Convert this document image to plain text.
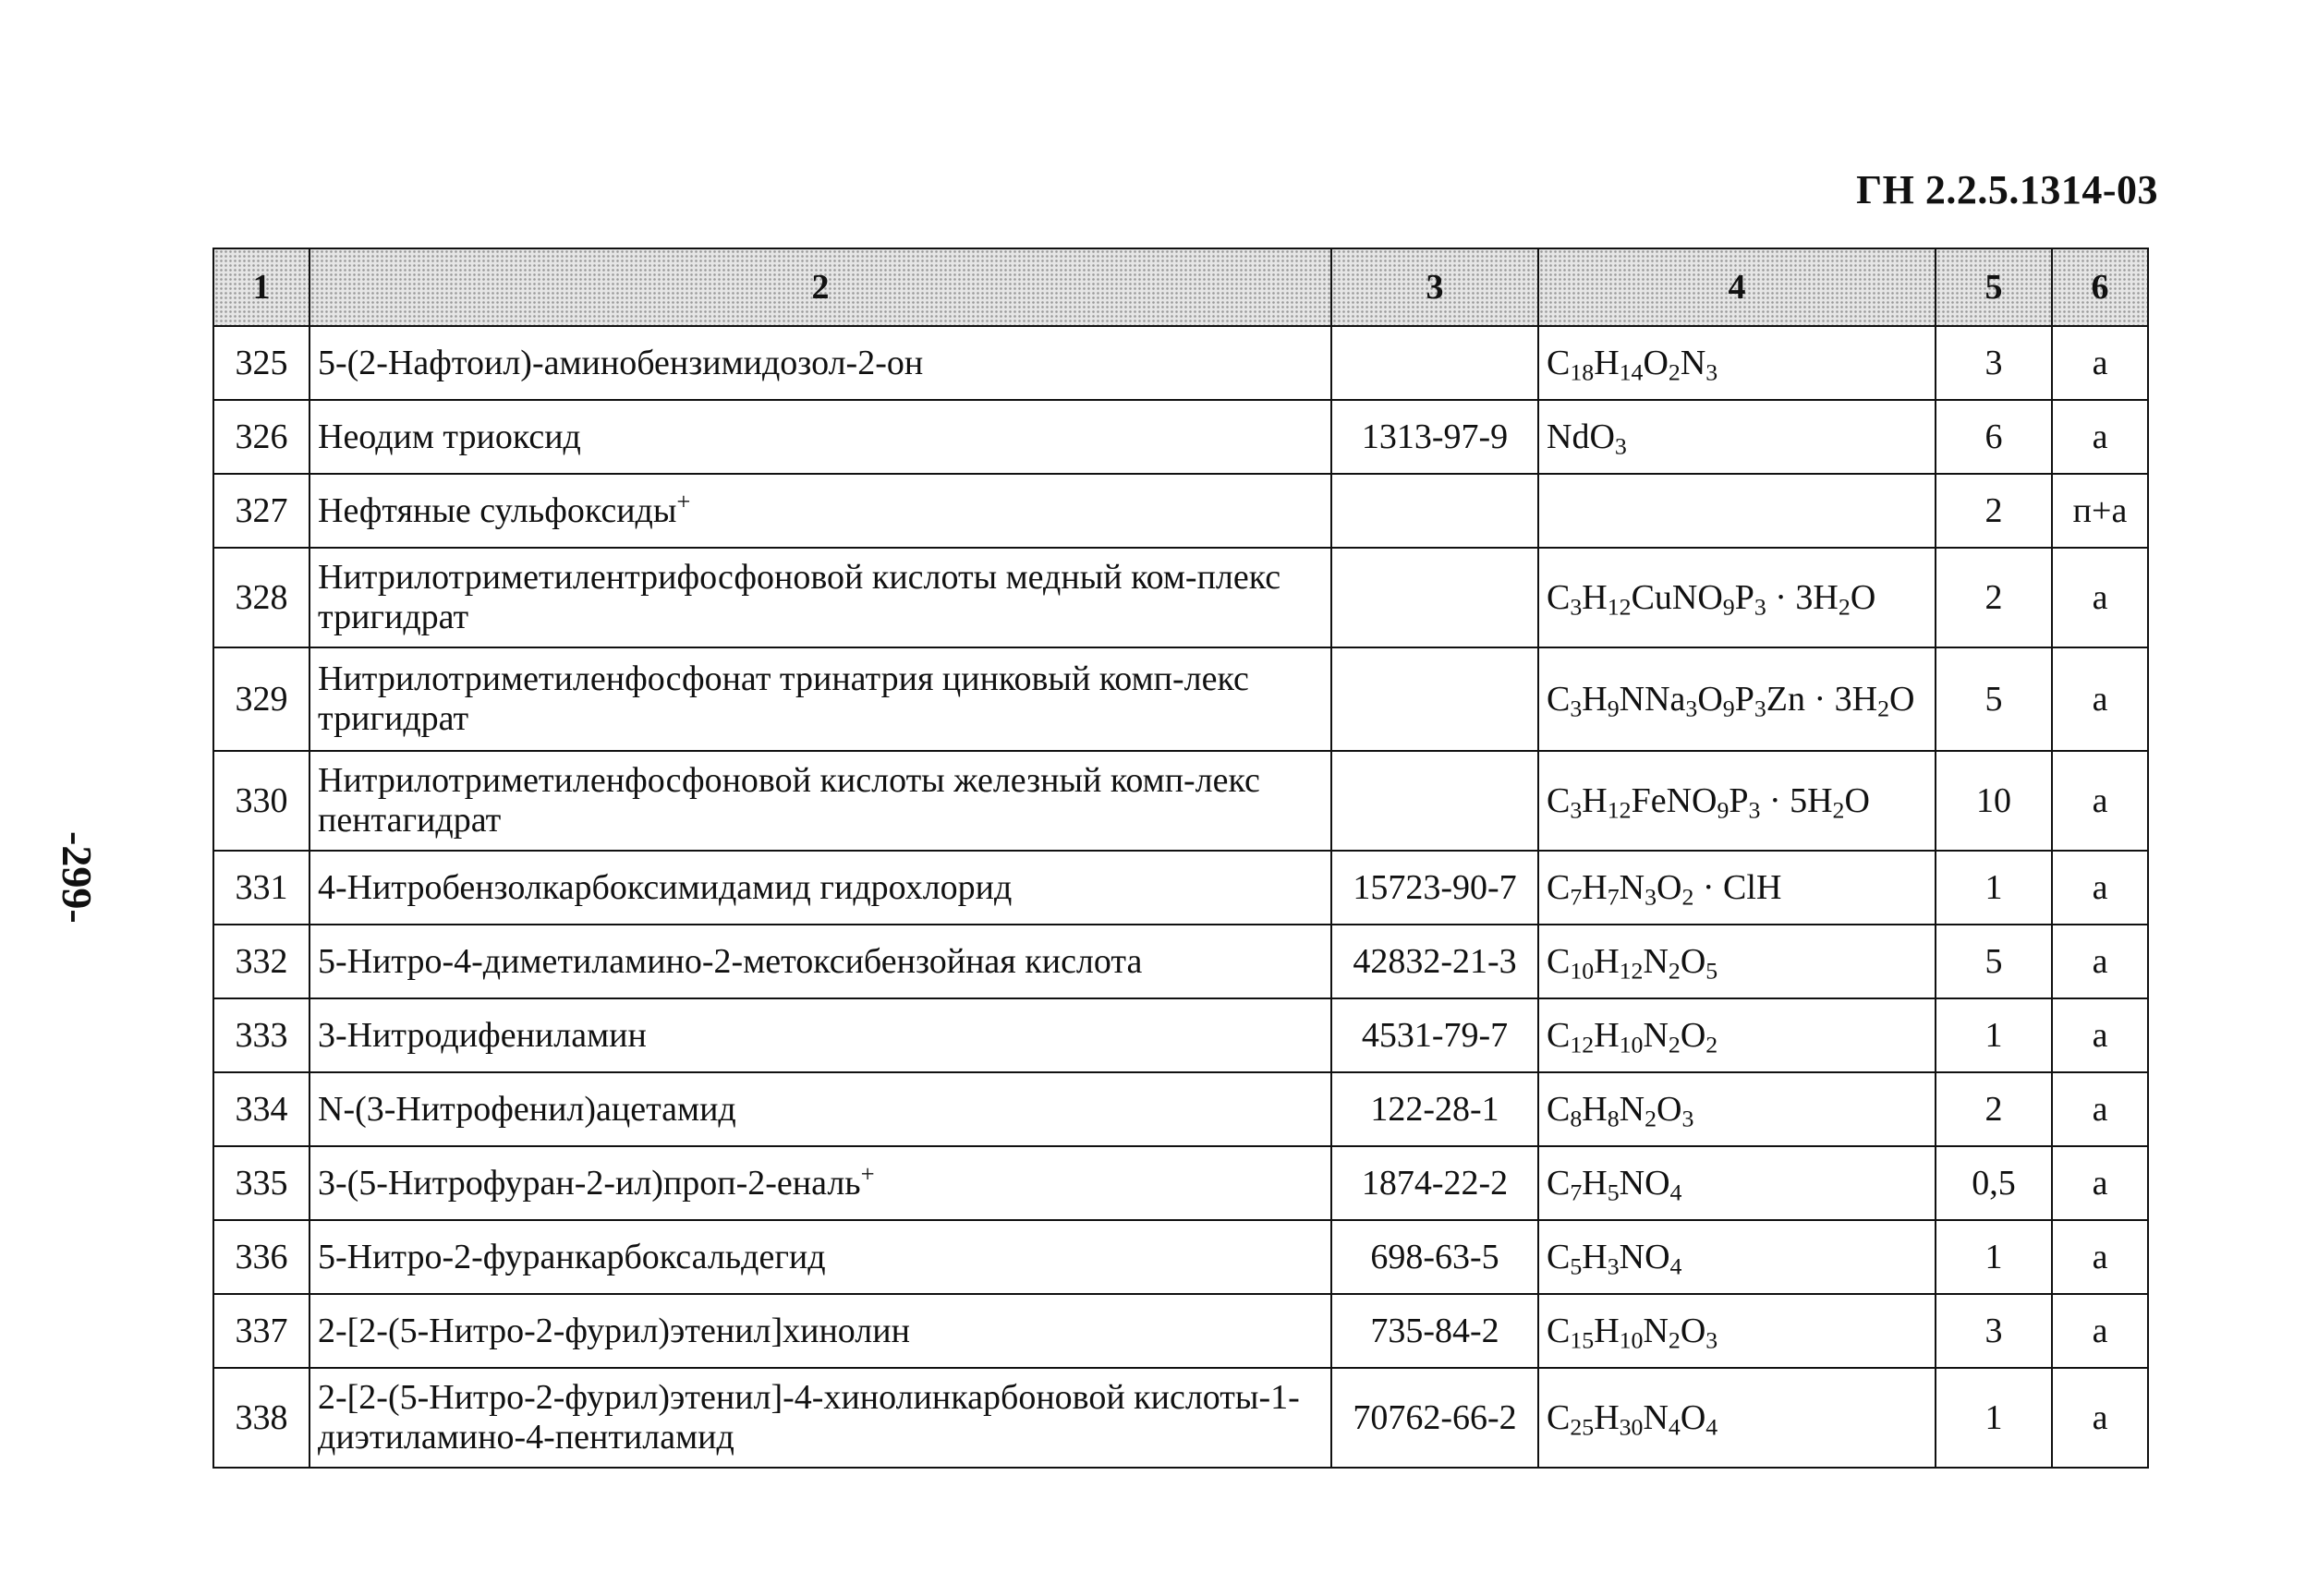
ГН 2.2.5.1314-03
-299-
1	2	3	4	5	6
325	5-(2-Нафтоил)-аминобензимидозол-2-он		$C_{18}H_{14}O_2N_3$	3	а
326	Неодим триоксид	1313-97-9	NdO$_3$	6	а
327	Нефтяные сульфоксиды+			2	п+а
328	Нитрилотриметилентрифосфоновой кислоты медный ком-плекс тригидрат		$C_3H_{12}CuNO_9P_3 \cdot 3H_2O$	2	а
329	Нитрилотриметиленфосфонат тринатрия цинковый комп-лекс тригидрат		$C_3H_9NNa_3O_9P_3Zn \cdot 3H_2O$	5	а
330	Нитрилотриметиленфосфоновой кислоты железный комп-лекс пентагидрат		$C_3H_{12}FeNO_9P_3 \cdot 5H_2O$	10	а
331	4-Нитробензолкарбоксимидамид гидрохлорид	15723-90-7	$C_7H_7N_3O_2$ · ClH	1	а
332	5-Нитро-4-диметиламино-2-метоксибензойная кислота	42832-21-3	$C_{10}H_{12}N_2O_5$	5	а
333	3-Нитродифениламин	4531-79-7	$C_{12}H_{10}N_2O_2$	1	а
334	N-(3-Нитрофенил)ацетамид	122-28-1	$C_8H_8N_2O_3$	2	а
335	3-(5-Нитрофуран-2-ил)проп-2-еналь+	1874-22-2	$C_7H_5NO_4$	0,5	а
336	5-Нитро-2-фуранкарбоксальдегид	698-63-5	$C_5H_3NO_4$	1	а
337	2-[2-(5-Нитро-2-фурил)этенил]хинолин	735-84-2	$C_{15}H_{10}N_2O_3$	3	а
338	2-[2-(5-Нитро-2-фурил)этенил]-4-хинолинкарбоновой кислоты-1-диэтиламино-4-пентиламид	70762-66-2	$C_{25}H_{30}N_4O_4$	1	а
